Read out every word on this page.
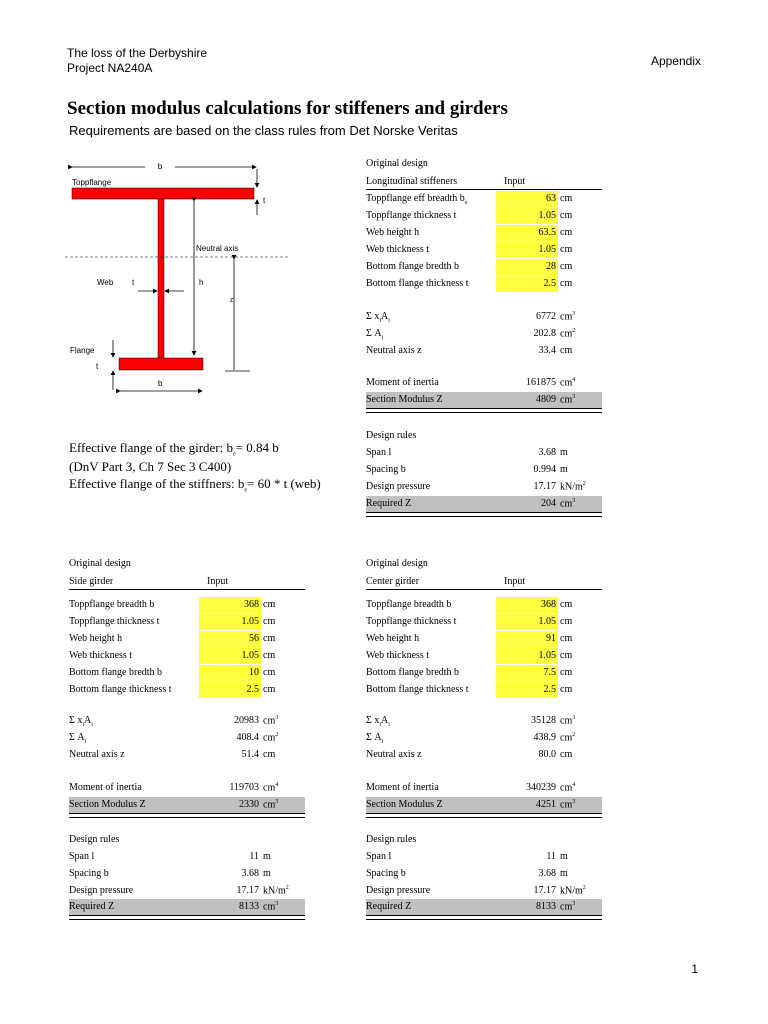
The loss of the Derbyshire
Project NA240A	Appendix
Section modulus calculations for stiffeners and girders
Requirements are based on the class rules from Det Norske Veritas
b
Toppflange
t
Neutral axis
Web t	h
z
Flange
t
b
Effective flange of the girder: $b_e= 0.84$ b
(DnV Part 3, Ch 7 Sec 3 C400)
Effective flange of the stiffners: $b_e= 60 * t$ (web)
Original design
Longitudinal stiffeners	Input
Toppflange eff breadth $b_e$	63 cm
Toppflange thickness t	1.05 cm
Web height h	63.5 cm
Web thickness t	1.05 cm
Bottom flange bredth b	28 cm
Bottom flange thickness t	2.5 cm
Σ $x_iA_i$	6772 $cm^3$
Σ $A_i$	202.8 $cm^2$
Neutral axis z	33.4 cm
Moment of inertia	161875 $cm^4$
Section Modulus Z	4809 $cm^3$
Design rules
Span l	3.68 m
Spacing b	0.994 m
Design pressure	17.17 $kN/m^2$
Required Z	204 $cm^3$
Original design
Side girder	Input
Toppflange breadth b	368 cm
Toppflange thickness t	1.05 cm
Web height h	56 cm
Web thickness t	1.05 cm
Bottom flange bredth b	10 cm
Bottom flange thickness t	2.5 cm
Σ $x_iA_i$	20983 $cm^3$
Σ $A_i$	408.4 $cm^2$
Neutral axis z	51.4 cm
Moment of inertia	119703 $cm^4$
Section Modulus Z	2330 $cm^3$
Design rules
Span l	11 m
Spacing b	3.68 m
Design pressure	17.17 $kN/m^2$
Required Z	8133 $cm^3$
Original design
Center girder	Input
Toppflange breadth b	368 cm
Toppflange thickness t	1.05 cm
Web height h	91 cm
Web thickness t	1.05 cm
Bottom flange bredth b	7.5 cm
Bottom flange thickness t	2.5 cm
Σ $x_iA_i$	35128 $cm^3$
Σ $A_i$	438.9 $cm^2$
Neutral axis z	80.0 cm
Moment of inertia	340239 $cm^4$
Section Modulus Z	4251 $cm^3$
Design rules
Span l	11 m
Spacing b	3.68 m
Design pressure	17.17 $kN/m^2$
Required Z	8133 $cm^3$
1
